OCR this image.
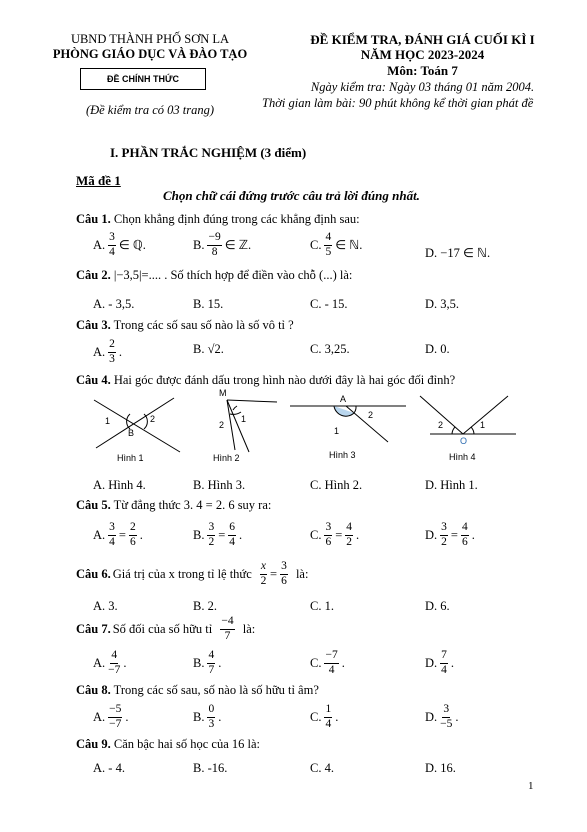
UBND THÀNH PHỐ SƠN LA
PHÒNG GIÁO DỤC VÀ ĐÀO TẠO
ĐỀ CHÍNH THỨC
(Đề kiểm tra có 03 trang)
ĐỀ KIỂM TRA, ĐÁNH GIÁ CUỐI KÌ I
NĂM HỌC 2023-2024
Môn: Toán 7
Ngày kiểm tra: Ngày 03 tháng 01 năm 2004.
Thời gian làm bài: 90 phút không kể thời gian phát đề
I. PHẦN TRẮC NGHIỆM (3 điểm)
Mã đề 1
Chọn chữ cái đứng trước câu trả lời đúng nhất.
Câu 1. Chọn khẳng định đúng trong các khẳng định sau:
A. $\frac{3}{4}$ ∈ ℚ.	B. $\frac{-9}{8}$ ∈ ℤ.	C. $\frac{4}{5}$ ∈ ℕ.
D. −17 ∈ ℕ.
Câu 2. |−3,5|=.... . Số thích hợp để điền vào chỗ (...) là:
A. - 3,5.	B. 15.	C. - 15.	D. 3,5.
Câu 3. Trong các số sau số nào là số vô tỉ ?
A. $\frac{2}{3}$ .	B. √2.	C. 3,25.	D. 0.
Câu 4. Hai góc được đánh dấu trong hình nào dưới đây là hai góc đối đỉnh?
1	2
B
Hình 1
M
1
2
Hình 2
A
2
1
Hình 3
2	1
O
Hình 4
A. Hình 4.	B. Hình 3.	C. Hình 2.	D. Hình 1.
Câu 5. Từ đẳng thức 3. 4 = 2. 6 suy ra:
A. $\frac{3}{4} = \frac{2}{6}$ .	B. $\frac{3}{2} = \frac{6}{4}$ .	C. $\frac{3}{6} = \frac{4}{2}$ .	D. $\frac{3}{2} = \frac{4}{6}$ .
Câu 6. Giá trị của x trong tỉ lệ thức
$\frac{x}{2} = \frac{3}{6}$
là:
A. 3.	B. 2.	C. 1.	D. 6.
Câu 7. Số đối của số hữu tỉ
$\frac{-4}{7}$
là:
A. $\frac{4}{-7}$ .	B. $\frac{4}{7}$ .	C. $\frac{-7}{4}$ .	D. $\frac{7}{4}$ .
Câu 8. Trong các số sau, số nào là số hữu tỉ âm?
A. $\frac{-5}{-7}$ .	B. $\frac{0}{3}$ .	C. $\frac{1}{4}$ .	D. $\frac{3}{-5}$ .
Câu 9. Căn bậc hai số học của 16 là:
A. - 4.	B. -16.	C. 4.	D. 16.
1
